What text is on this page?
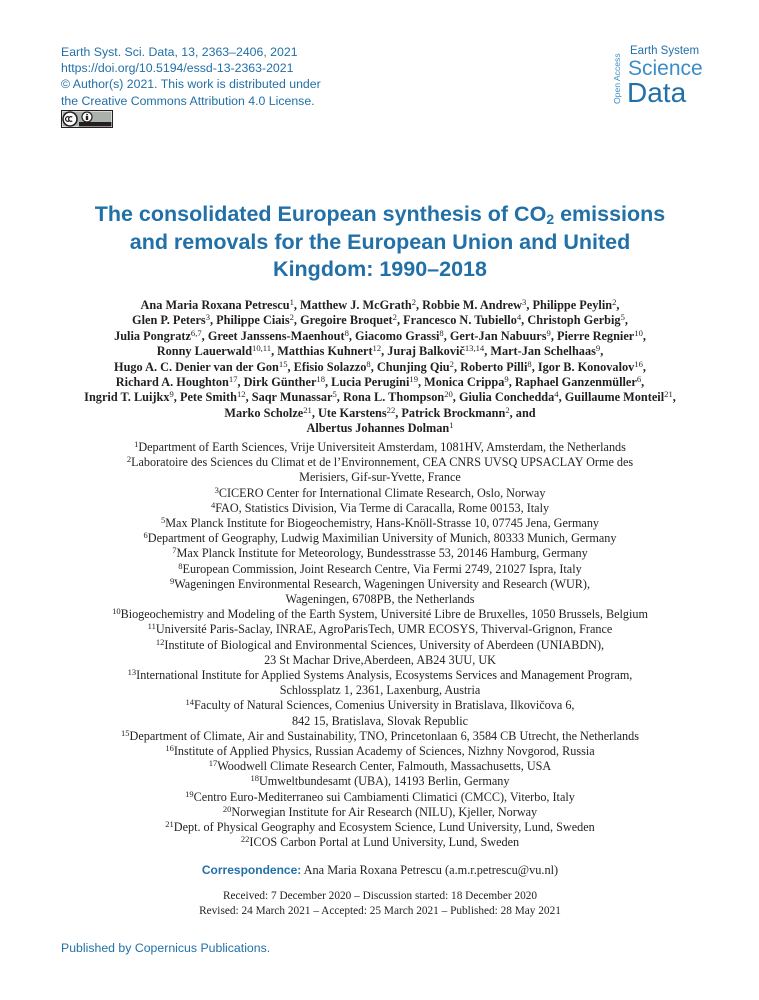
Earth Syst. Sci. Data, 13, 2363–2406, 2021
https://doi.org/10.5194/essd-13-2363-2021
© Author(s) 2021. This work is distributed under
the Creative Commons Attribution 4.0 License.	Open Access
Earth System
Science
Data
The consolidated European synthesis of $CO_2$ emissions and removals for the European Union and United Kingdom: 1990–2018
Ana Maria Roxana Petrescu$^1$, Matthew J. McGrath$^2$, Robbie M. Andrew$^3$, Philippe Peylin$^2$,
Glen P. Peters$^3$, Philippe Ciais$^2$, Gregoire Broquet$^2$, Francesco N. Tubiello$^4$, Christoph Gerbig$^5$,
Julia Pongratz$^{6,7}$, Greet Janssens-Maenhout$^8$, Giacomo Grassi$^8$, Gert-Jan Nabuurs$^9$, Pierre Regnier$^{10}$,
Ronny Lauerwald$^{10,11}$, Matthias Kuhnert$^{12}$, Juraj Balkovič$^{13,14}$, Mart-Jan Schelhaas$^9$,
Hugo A. C. Denier van der Gon$^{15}$, Efisio Solazzo$^8$, Chunjing Qiu$^2$, Roberto Pilli$^8$, Igor B. Konovalov$^{16}$,
Richard A. Houghton$^{17}$, Dirk Günther$^{18}$, Lucia Perugini$^{19}$, Monica Crippa$^9$, Raphael Ganzenmüller$^6$,
Ingrid T. Luijkx$^9$, Pete Smith$^{12}$, Saqr Munassar$^5$, Rona L. Thompson$^{20}$, Giulia Conchedda$^4$, Guillaume Monteil$^{21}$,
Marko Scholze$^{21}$, Ute Karstens$^{22}$, Patrick Brockmann$^2$, and
Albertus Johannes Dolman$^1$
$^1$Department of Earth Sciences, Vrije Universiteit Amsterdam, 1081HV, Amsterdam, the Netherlands
$^2$Laboratoire des Sciences du Climat et de l’Environnement, CEA CNRS UVSQ UPSACLAY Orme des
Merisiers, Gif-sur-Yvette, France
$^3$CICERO Center for International Climate Research, Oslo, Norway
$^4$FAO, Statistics Division, Via Terme di Caracalla, Rome 00153, Italy
$^5$Max Planck Institute for Biogeochemistry, Hans-Knöll-Strasse 10, 07745 Jena, Germany
$^6$Department of Geography, Ludwig Maximilian University of Munich, 80333 Munich, Germany
$^7$Max Planck Institute for Meteorology, Bundesstrasse 53, 20146 Hamburg, Germany
$^8$European Commission, Joint Research Centre, Via Fermi 2749, 21027 Ispra, Italy
$^9$Wageningen Environmental Research, Wageningen University and Research (WUR),
Wageningen, 6708PB, the Netherlands
$^{10}$Biogeochemistry and Modeling of the Earth System, Université Libre de Bruxelles, 1050 Brussels, Belgium
$^{11}$Université Paris-Saclay, INRAE, AgroParisTech, UMR ECOSYS, Thiverval-Grignon, France
$^{12}$Institute of Biological and Environmental Sciences, University of Aberdeen (UNIABDN),
23 St Machar Drive,Aberdeen, AB24 3UU, UK
$^{13}$International Institute for Applied Systems Analysis, Ecosystems Services and Management Program,
Schlossplatz 1, 2361, Laxenburg, Austria
$^{14}$Faculty of Natural Sciences, Comenius University in Bratislava, Ilkovičova 6,
842 15, Bratislava, Slovak Republic
$^{15}$Department of Climate, Air and Sustainability, TNO, Princetonlaan 6, 3584 CB Utrecht, the Netherlands
$^{16}$Institute of Applied Physics, Russian Academy of Sciences, Nizhny Novgorod, Russia
$^{17}$Woodwell Climate Research Center, Falmouth, Massachusetts, USA
$^{18}$Umweltbundesamt (UBA), 14193 Berlin, Germany
$^{19}$Centro Euro-Mediterraneo sui Cambiamenti Climatici (CMCC), Viterbo, Italy
$^{20}$Norwegian Institute for Air Research (NILU), Kjeller, Norway
$^{21}$Dept. of Physical Geography and Ecosystem Science, Lund University, Lund, Sweden
$^{22}$ICOS Carbon Portal at Lund University, Lund, Sweden
Correspondence: Ana Maria Roxana Petrescu (a.m.r.petrescu@vu.nl)
Received: 7 December 2020 – Discussion started: 18 December 2020
Revised: 24 March 2021 – Accepted: 25 March 2021 – Published: 28 May 2021
Published by Copernicus Publications.
